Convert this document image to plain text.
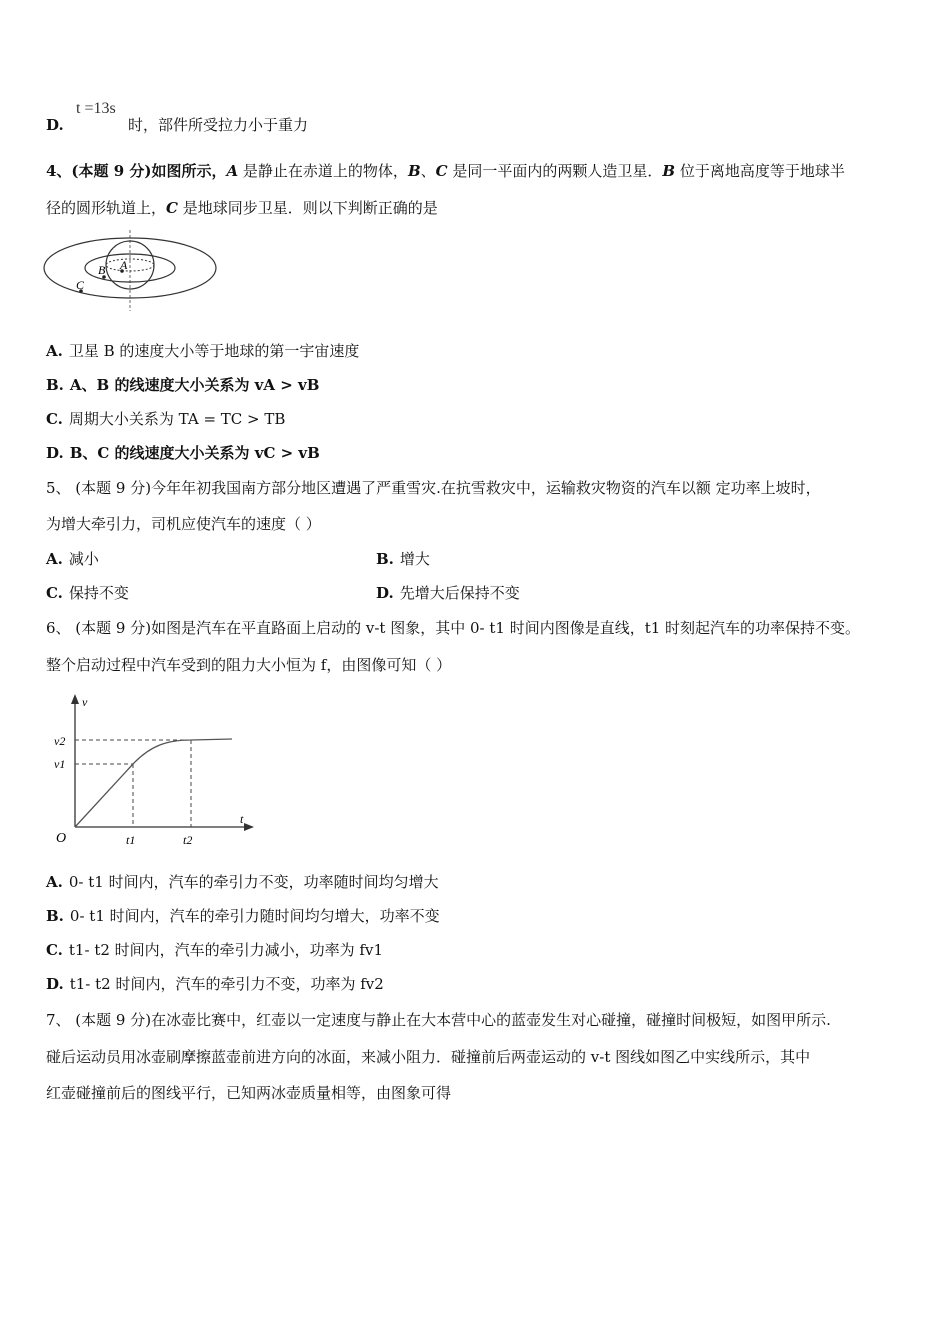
D.
t =13s
时，部件所受拉力小于重力
4、(本题 9 分)如图所示，A 是静止在赤道上的物体，B、C 是同一平面内的两颗人造卫星．B 位于离地高度等于地球半
径的圆形轨道上，C 是地球同步卫星．则以下判断正确的是
A
B
C
A. 卫星 B 的速度大小等于地球的第一宇宙速度
B. A、B 的线速度大小关系为 vA > vB
C. 周期大小关系为 TA = TC > TB
D. B、C 的线速度大小关系为 vC > vB
5、 (本题 9 分)今年年初我国南方部分地区遭遇了严重雪灾.在抗雪救灾中，运输救灾物资的汽车以额 定功率上坡时，
为增大牵引力，司机应使汽车的速度（ ）
A. 减小	B. 增大
C. 保持不变	D. 先增大后保持不变
6、 (本题 9 分)如图是汽车在平直路面上启动的 v-t 图象，其中 0- t1 时间内图像是直线，t1 时刻起汽车的功率保持不变。
整个启动过程中汽车受到的阻力大小恒为 f，由图像可知（ ）
v
t
O
v2
v1
t1	t2
A. 0- t1 时间内，汽车的牵引力不变，功率随时间均匀增大
B. 0- t1 时间内，汽车的牵引力随时间均匀增大，功率不变
C. t1- t2 时间内，汽车的牵引力减小，功率为 fv1
D. t1- t2 时间内，汽车的牵引力不变，功率为 fv2
7、 (本题 9 分)在冰壶比赛中，红壶以一定速度与静止在大本营中心的蓝壶发生对心碰撞，碰撞时间极短，如图甲所示.
碰后运动员用冰壶刷摩擦蓝壶前进方向的冰面，来减小阻力．碰撞前后两壶运动的 v-t 图线如图乙中实线所示，其中
红壶碰撞前后的图线平行，已知两冰壶质量相等，由图象可得
